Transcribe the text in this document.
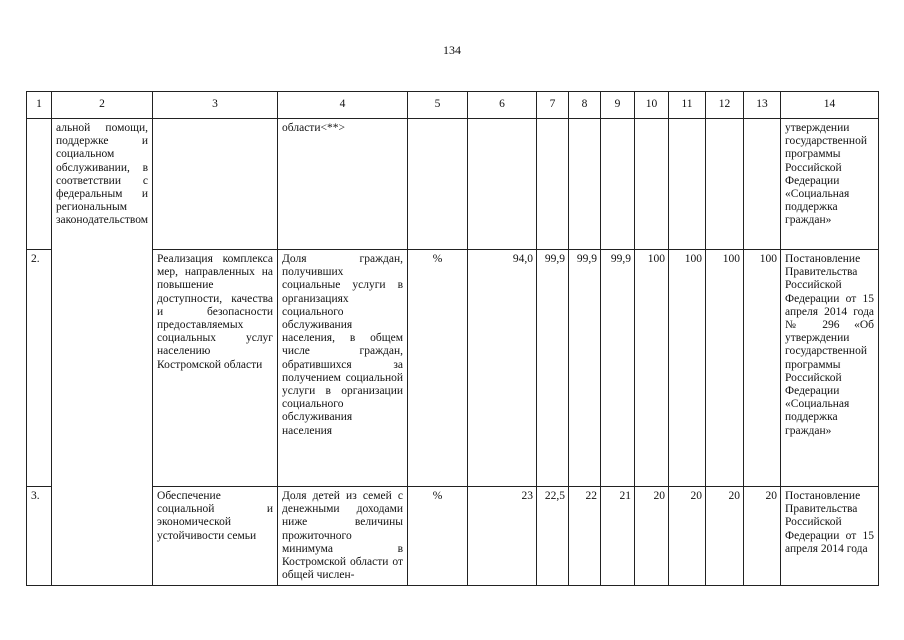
134
1	2	3	4	5	6	7	8	9	10	11	12	13	14
	альной помощи, поддержке и социальном обслуживании, в соответствии с федеральным и региональным законодательством		области<**>										утверждении государственной программы Российской Федерации «Социальная поддержка граждан»
2.		Реализация комплекса мер, направленных на повышение доступности, качества и безопасности предоставляемых социальных услуг населению Костромской области	Доля граждан, получивших социальные услуги в организациях социального обслуживания населения, в общем числе граждан, обратившихся за получением социальной услуги в организации социального обслуживания населения	%	94,0	99,9	99,9	99,9	100	100	100	100	Постановление Правительства Российской Федерации от 15 апреля 2014 года № 296 «Об утверждении государственной программы Российской Федерации «Социальная поддержка граждан»
3.		Обеспечение социальной и экономической устойчивости семьи	Доля детей из семей с денежными доходами ниже величины прожиточного минимума в Костромской области от общей числен-	%	23	22,5	22	21	20	20	20	20	Постановление Правительства Российской Федерации от 15 апреля 2014 года
